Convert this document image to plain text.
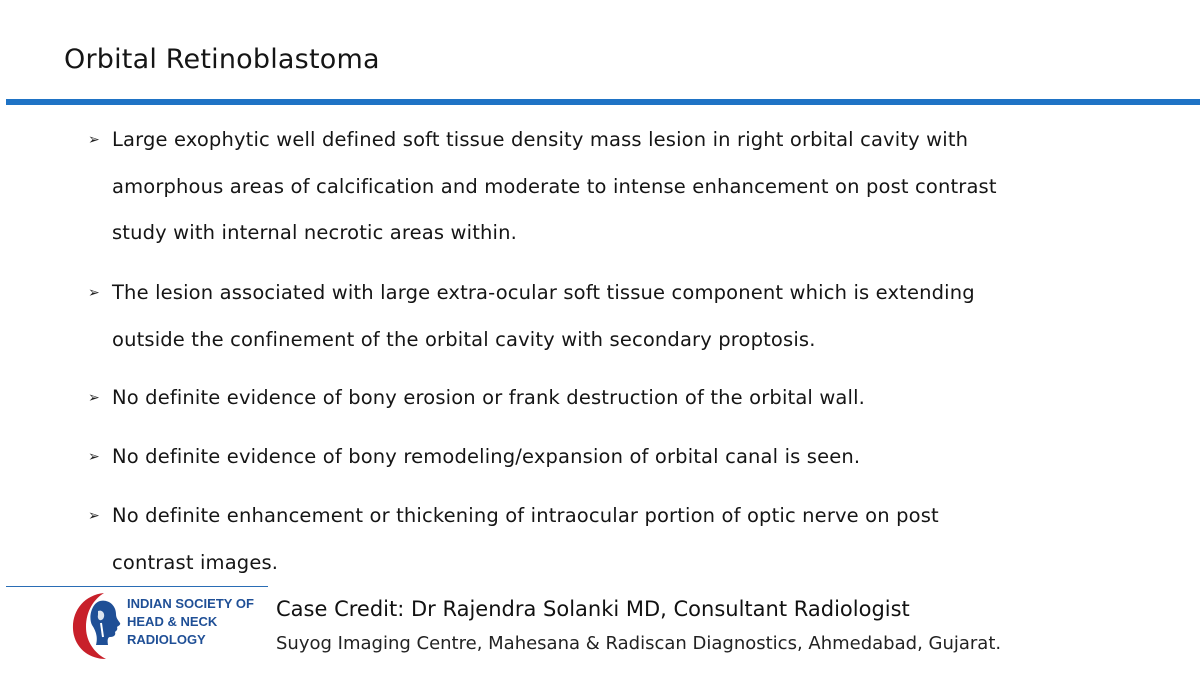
Orbital Retinoblastoma
➢ Large exophytic well defined soft tissue density mass lesion in right orbital cavity with
amorphous areas of calcification and moderate to intense enhancement on post contrast
study with internal necrotic areas within.
➢ The lesion associated with large extra-ocular soft tissue component which is extending
outside the confinement of the orbital cavity with secondary proptosis.
➢ No definite evidence of bony erosion or frank destruction of the orbital wall.
➢ No definite evidence of bony remodeling/expansion of orbital canal is seen.
➢ No definite enhancement or thickening of intraocular portion of optic nerve on post
contrast images.
INDIAN SOCIETY OF
HEAD & NECK
RADIOLOGY
Case Credit: Dr Rajendra Solanki MD, Consultant Radiologist
Suyog Imaging Centre, Mahesana & Radiscan Diagnostics, Ahmedabad, Gujarat.
